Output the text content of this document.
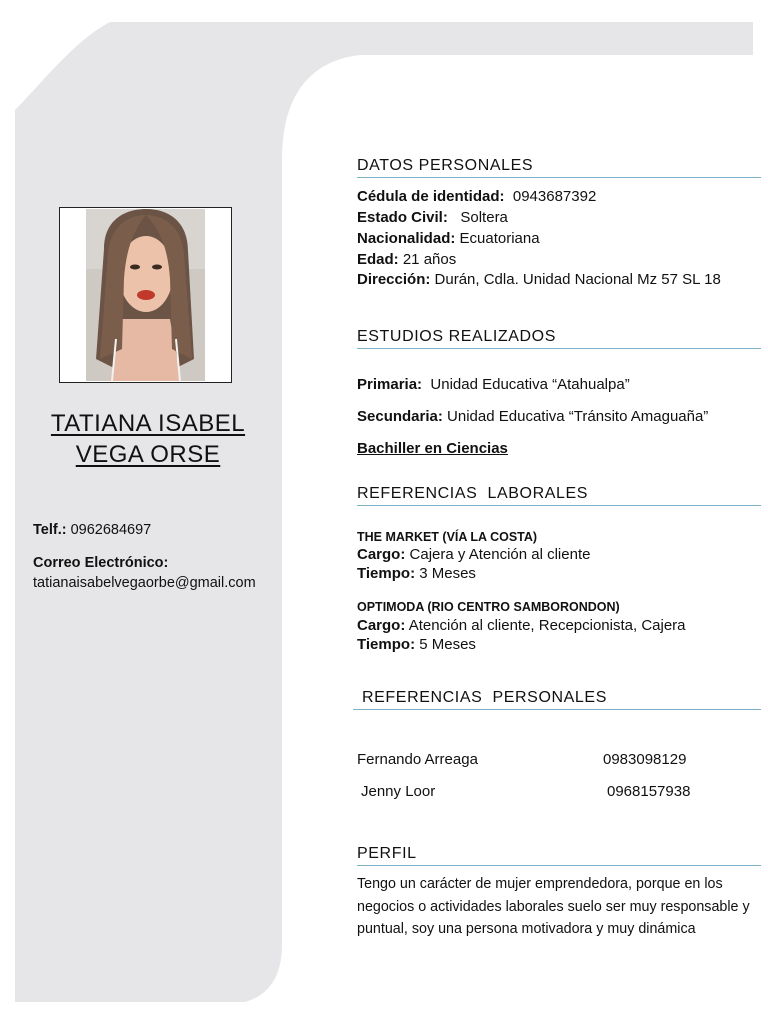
TATIANA ISABEL
VEGA ORSE
Telf.: 0962684697
Correo Electrónico:
tatianaisabelvegaorbe@gmail.com
DATOS PERSONALES
Cédula de identidad: 0943687392
Estado Civil: Soltera
Nacionalidad: Ecuatoriana
Edad: 21 años
Dirección: Durán, Cdla. Unidad Nacional Mz 57 SL 18
ESTUDIOS REALIZADOS
Primaria: Unidad Educativa “Atahualpa”
Secundaria: Unidad Educativa “Tránsito Amaguaña”
Bachiller en Ciencias
REFERENCIAS  LABORALES
THE MARKET (VÍA LA COSTA)
Cargo: Cajera y Atención al cliente
Tiempo: 3 Meses
OPTIMODA (RIO CENTRO SAMBORONDON)
Cargo: Atención al cliente, Recepcionista, Cajera
Tiempo: 5 Meses
REFERENCIAS  PERSONALES
Fernando Arreaga	0983098129
Jenny Loor	0968157938
PERFIL
Tengo un carácter de mujer emprendedora, porque en los negocios o actividades laborales suelo ser muy responsable y puntual, soy una persona motivadora y muy dinámica
